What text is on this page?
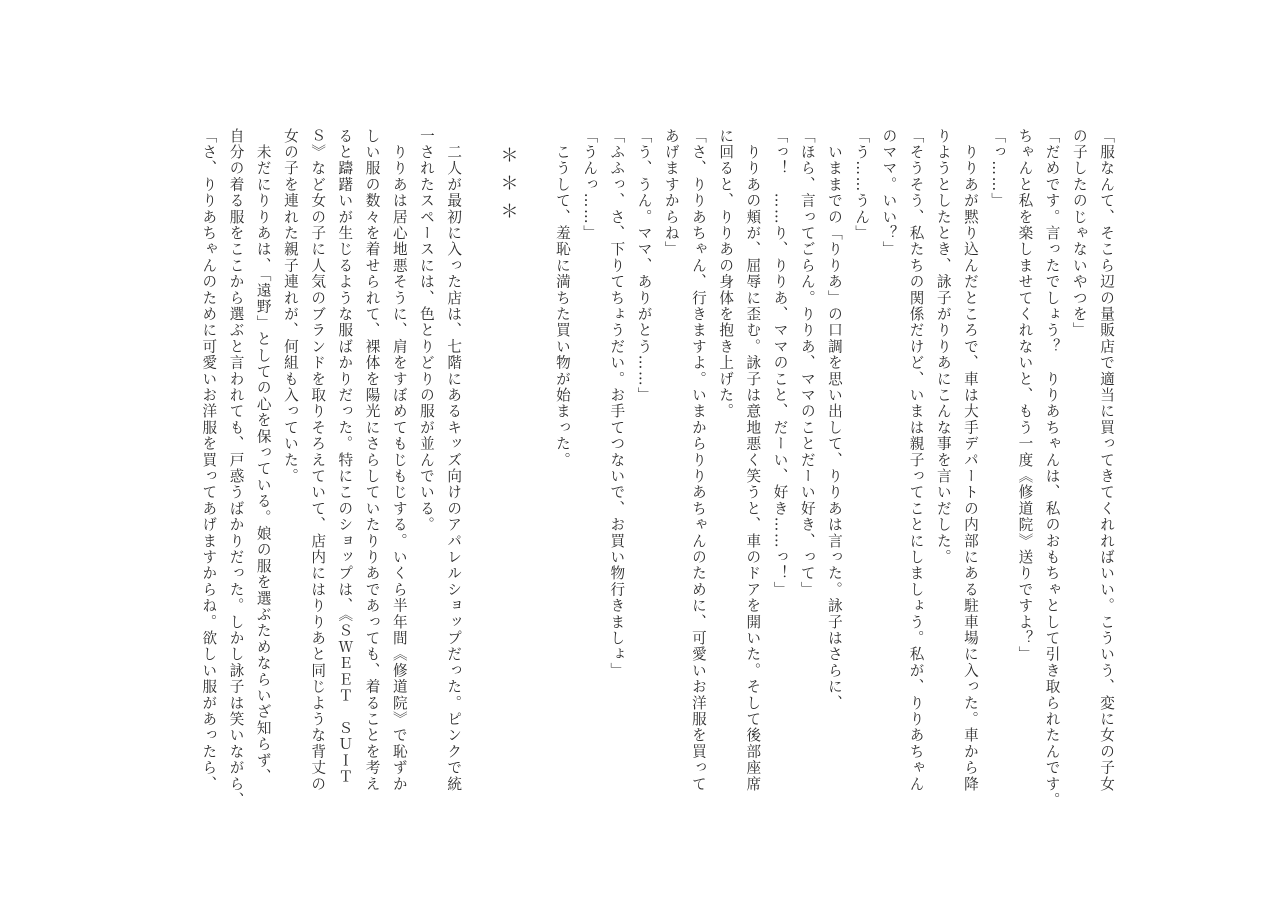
「服なんて、そこら辺の量販店で適当に買ってきてくれればいい。こういう、変に女の子女
の子したのじゃないやつを」
「だめです。言ったでしょう？　りりあちゃんは、私のおもちゃとして引き取られたんです。
ちゃんと私を楽しませてくれないと、もう一度《修道院》送りですよ？」
「っ……」
　りりあが黙り込んだところで、車は大手デパートの内部にある駐車場に入った。車から降
りようとしたとき、詠子がりりあにこんな事を言いだした。
「そうそう、私たちの関係だけど、いまは親子ってことにしましょう。私が、りりあちゃん
のママ。いい？」
「う……うん」
　いままでの「りりあ」の口調を思い出して、りりあは言った。詠子はさらに、
「ほら、言ってごらん。りりあ、ママのことだーい好き、って」
「っ！　……り、りりあ、ママのこと、だーい、好き……っ！」
　りりあの頬が、屈辱に歪む。詠子は意地悪く笑うと、車のドアを開いた。そして後部座席
に回ると、りりあの身体を抱き上げた。
「さ、りりあちゃん、行きますよ。いまからりりあちゃんのために、可愛いお洋服を買って
あげますからね」
「う、うん。ママ、ありがとう……」
「ふふっ、さ、下りてちょうだい。お手てつないで、お買い物行きましょ」
「うんっ……」
　こうして、羞恥に満ちた買い物が始まった。
＊＊＊
　二人が最初に入った店は、七階にあるキッズ向けのアパレルショップだった。ピンクで統
一されたスペースには、色とりどりの服が並んでいる。
　りりあは居心地悪そうに、肩をすぼめてもじもじする。いくら半年間《修道院》で恥ずか
しい服の数々を着せられて、裸体を陽光にさらしていたりりあであっても、着ることを考え
ると躊躇いが生じるような服ばかりだった。特にこのショップは、《ＳＷＥＥＴ　ＳＵＩＴ
Ｓ》など女の子に人気のブランドを取りそろえていて、店内にはりりあと同じような背丈の
女の子を連れた親子連れが、何組も入っていた。
　未だにりりあは、「遠野」としての心を保っている。娘の服を選ぶためならいざ知らず、
自分の着る服をここから選ぶと言われても、戸惑うばかりだった。しかし詠子は笑いながら、
「さ、りりあちゃんのために可愛いお洋服を買ってあげますからね。欲しい服があったら、
